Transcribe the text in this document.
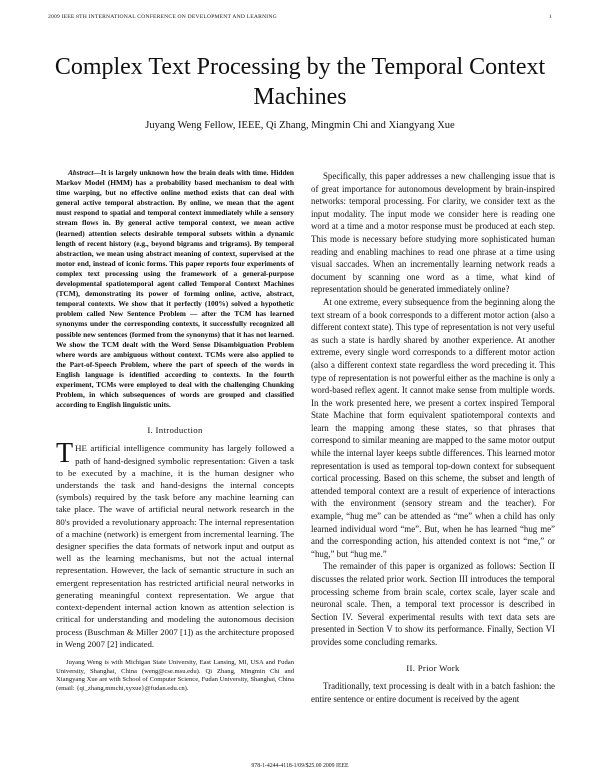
2009 IEEE 8TH INTERNATIONAL CONFERENCE ON DEVELOPMENT AND LEARNING	1
Complex Text Processing by the Temporal Context Machines
Juyang Weng Fellow, IEEE, Qi Zhang, Mingmin Chi and Xiangyang Xue

Abstract—It is largely unknown how the brain deals with time. Hidden Markov Model (HMM) has a probability based mechanism to deal with time warping, but no effective online method exists that can deal with general active temporal abstraction. By online, we mean that the agent must respond to spatial and temporal context immediately while a sensory stream flows in. By general active temporal context, we mean active (learned) attention selects desirable temporal subsets within a dynamic length of recent history (e.g., beyond bigrams and trigrams). By temporal abstraction, we mean using abstract meaning of context, supervised at the motor end, instead of iconic forms. This paper reports four experiments of complex text processing using the framework of a general-purpose developmental spatiotemporal agent called Temporal Context Machines (TCM), demonstrating its power of forming online, active, abstract, temporal contexts. We show that it perfectly (100%) solved a hypothetic problem called New Sentence Problem — after the TCM has learned synonyms under the corresponding contexts, it successfully recognized all possible new sentences (formed from the synonyms) that it has not learned. We show the TCM dealt with the Word Sense Disambiguation Problem where words are ambiguous without context. TCMs were also applied to the Part-of-Speech Problem, where the part of speech of the words in English language is identified according to contexts. In the fourth experiment, TCMs were employed to deal with the challenging Chunking Problem, in which subsequences of words are grouped and classified according to English linguistic units.

I. Introduction

THE artificial intelligence community has largely followed a path of hand-designed symbolic representation: Given a task to be executed by a machine, it is the human designer who understands the task and hand-designs the internal concepts (symbols) required by the task before any machine learning can take place. The wave of artificial neural network research in the 80's provided a revolutionary approach: The internal representation of a machine (network) is emergent from incremental learning. The designer specifies the data formats of network input and output as well as the learning mechanisms, but not the actual internal representation. However, the lack of semantic structure in such an emergent representation has restricted artificial neural networks in generating meaningful context representation. We argue that context-dependent internal action known as attention selection is critical for understanding and modeling the autonomous decision process (Buschman & Miller 2007 [1]) as the architecture proposed in Weng 2007 [2] indicated.

Juyang Weng is with Michigan State University, East Lansing, MI, USA and Fudan University, Shanghai, China (weng@cse.msu.edu). Qi Zhang, Mingmin Chi and Xiangyang Xue are with School of Computer Science, Fudan University, Shanghai, China (email: {qi_zhang,mmchi,xyxue}@fudan.edu.cn).

Specifically, this paper addresses a new challenging issue that is of great importance for autonomous development by brain-inspired networks: temporal processing. For clarity, we consider text as the input modality. The input mode we consider here is reading one word at a time and a motor response must be produced at each step. This mode is necessary before studying more sophisticated human reading and enabling machines to read one phrase at a time using visual saccades. When an incrementally learning network reads a document by scanning one word as a time, what kind of representation should be generated immediately online?

At one extreme, every subsequence from the beginning along the text stream of a book corresponds to a different motor action (also a different context state). This type of representation is not very useful as such a state is hardly shared by another experience. At another extreme, every single word corresponds to a different motor action (also a different context state regardless the word preceding it. This type of representation is not powerful either as the machine is only a word-based reflex agent. It cannot make sense from multiple words. In the work presented here, we present a cortex inspired Temporal State Machine that form equivalent spatiotemporal contexts and learn the mapping among these states, so that phrases that correspond to similar meaning are mapped to the same motor output while the internal layer keeps subtle differences. This learned motor representation is used as temporal top-down context for subsequent cortical processing. Based on this scheme, the subset and length of attended temporal context are a result of experience of interactions with the environment (sensory stream and the teacher). For example, “hug me” can be attended as “me” when a child has only learned individual word “me”. But, when he has learned “hug me” and the corresponding action, his attended context is not “me,” or “hug,” but “hug me.”

The remainder of this paper is organized as follows: Section II discusses the related prior work. Section III introduces the temporal processing scheme from brain scale, cortex scale, layer scale and neuronal scale. Then, a temporal text processor is described in Section IV. Several experimental results with text data sets are presented in Section V to show its performance. Finally, Section VI provides some concluding remarks.

II. Prior Work

Traditionally, text processing is dealt with in a batch fashion: the entire sentence or entire document is received by the agent

978-1-4244-4118-1/09/$25.00 2009 IEEE
